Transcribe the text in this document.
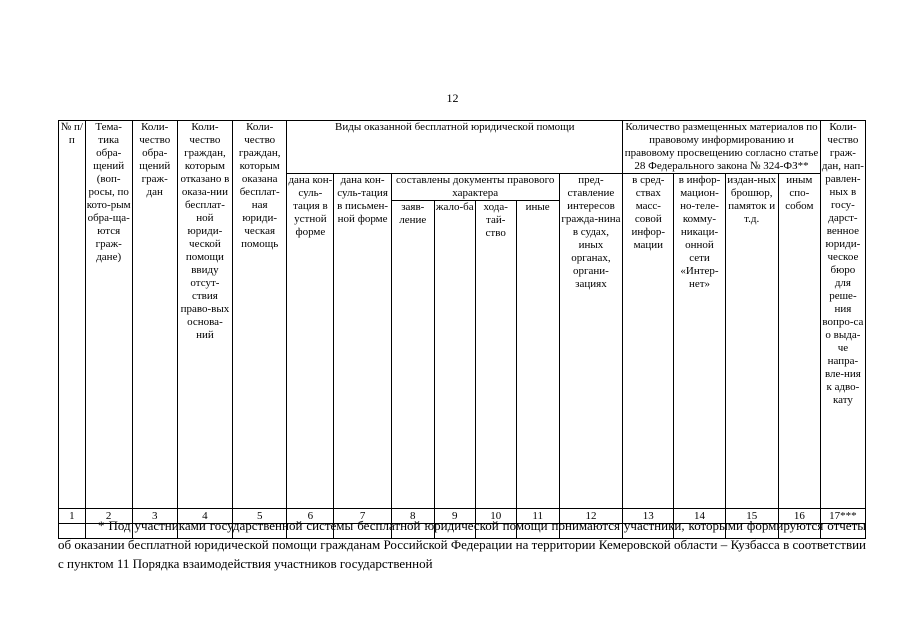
12
№ п/п	Тема-тика обра-щений (воп-росы, по кото-рым обра-ща-ются граж-дане)	Коли-чество обра-щений граж-дан	Коли-чество граждан, которым отказано в оказа-нии бесплат-ной юриди-ческой помощи ввиду отсут-ствия право-вых основа-ний	Коли-чество граждан, которым оказана бесплат-ная юриди-ческая помощь	Виды оказанной бесплатной юридической помощи							Количество размещенных материалов по правовому информированию и правовому просвещению согласно статье 28 Федерального закона № 324-ФЗ**				Коли-чество граж-дан, нап-равлен-ных в госу-дарст-венное юриди-ческое бюро для реше-ния вопро-са о выда-че напра-вле-ния к адво-кату
					дана кон-суль-тация в устной форме	дана кон-суль-тация в письмен-ной форме	составлены документы правового характера				пред-ставление интересов гражда-нина в судах, иных органах, органи-зациях	в сред-ствах масс-совой инфор-мации	в инфор-мацион-но-теле-комму-никаци-онной сети «Интер-нет»	издан-ных брошюр, памяток и т.д.	иным спо-собом	
							заяв-ление	жало-ба	хода-тай-ство	иные						
1	2	3	4	5	6	7	8	9	10	11	12	13	14	15	16	17***

* Под участниками государственной системы бесплатной юридической помощи понимаются участники, которыми формируются отчеты об оказании бесплатной юридической помощи гражданам Российской Федерации на территории Кемеровской области – Кузбасса в соответствии с пунктом 11 Порядка взаимодействия участников государственной
